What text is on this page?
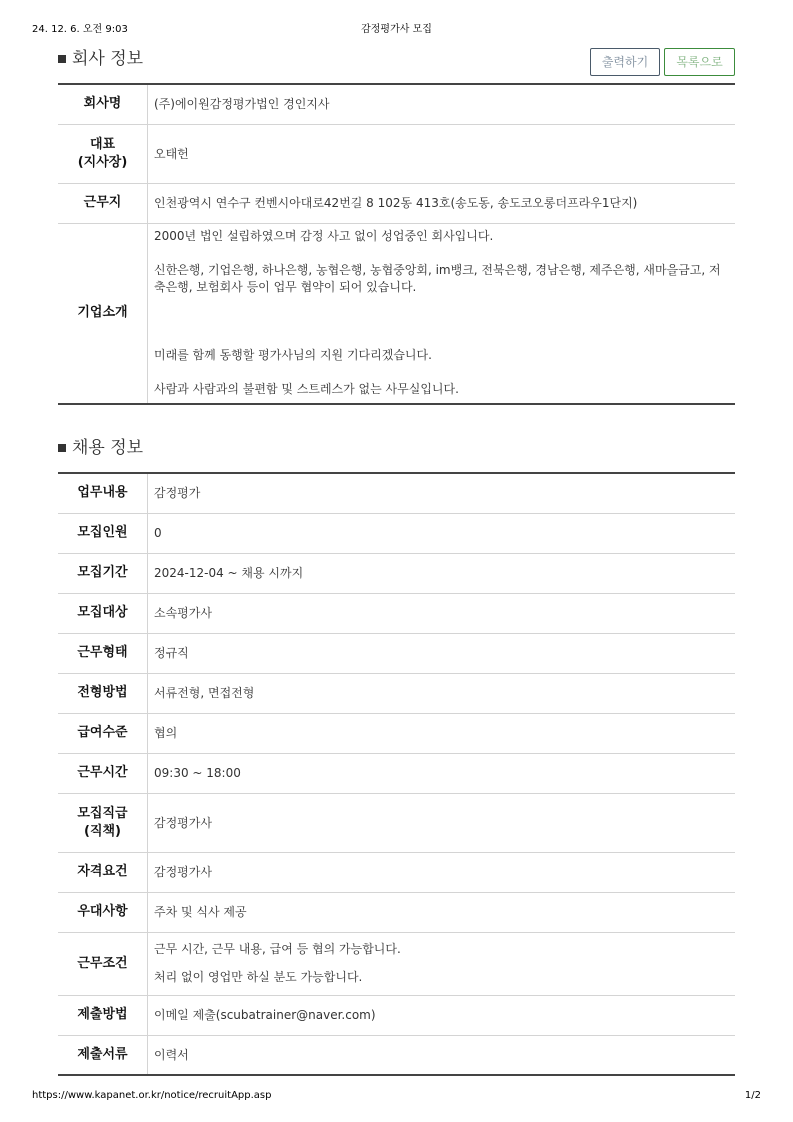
24. 12. 6. 오전 9:03	감정평가사 모집
회사 정보	출력하기	목록으로
회사명	(주)에이원감정평가법인 경인지사

대표
(지사장)	오태헌
근무지	인천광역시 연수구 컨벤시아대로42번길 8 102동 413호(송도동, 송도코오롱더프라우1단지)
기업소개	2000년 법인 설립하였으며 감정 사고 없이 성업중인 회사입니다.

신한은행, 기업은행, 하나은행, 농협은행, 농협중앙회, im뱅크, 전북은행, 경남은행, 제주은행, 새마을금고, 저축은행, 보험회사 등이 업무 협약이 되어 있습니다.

미래를 함께 동행할 평가사님의 지원 기다리겠습니다.

사람과 사람과의 불편함 및 스트레스가 없는 사무실입니다.

채용 정보
업무내용	감정평가
모집인원	0
모집기간	2024-12-04 ~ 채용 시까지
모집대상	소속평가사
근무형태	정규직
전형방법	서류전형, 면접전형
급여수준	협의
근무시간	09:30 ~ 18:00

모집직급
(직책)	감정평가사
자격요건	감정평가사
우대사항	주차 및 식사 제공
근무조건	근무 시간, 근무 내용, 급여 등 협의 가능합니다.

처리 없이 영업만 하실 분도 가능합니다.

제출방법	이메일 제출(scubatrainer@naver.com)
제출서류	이력서
https://www.kapanet.or.kr/notice/recruitApp.asp	1/2
